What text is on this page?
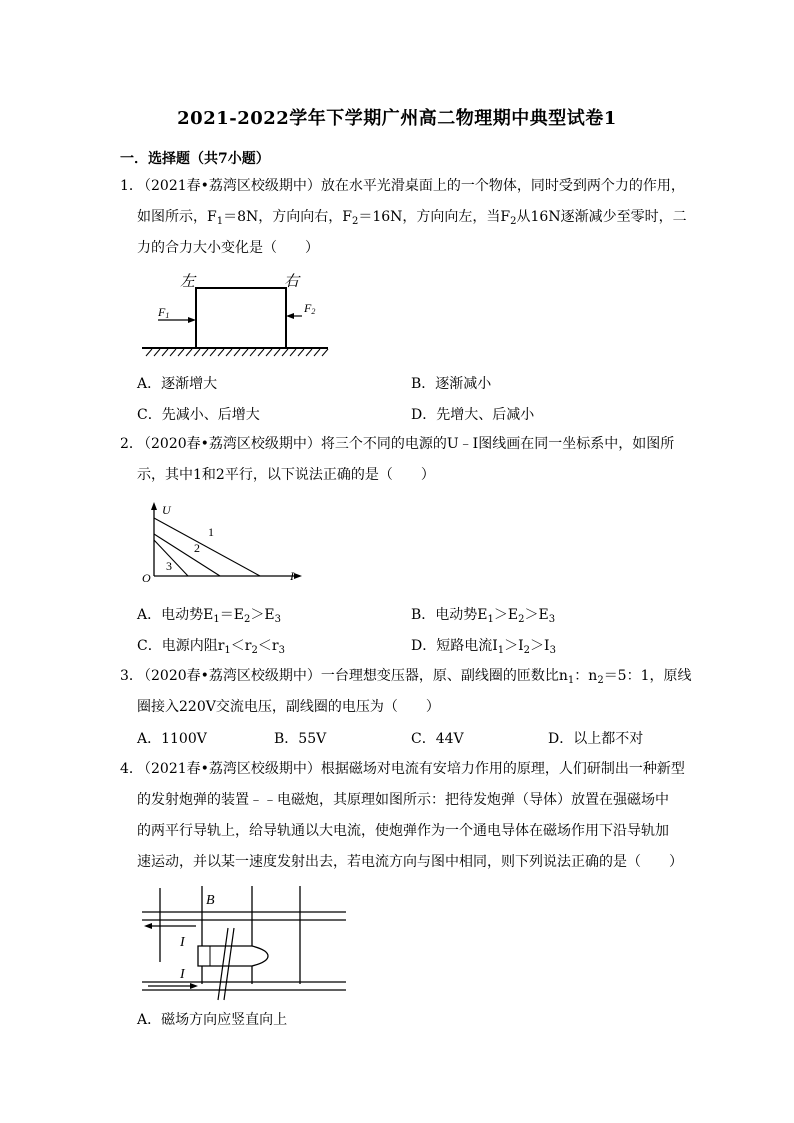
2021-2022学年下学期广州高二物理期中典型试卷1
一．选择题（共7小题）
1．
（2021春•荔湾区校级期中）放在水平光滑桌面上的一个物体，同时受到两个力的作用，
如图所示，$F_1=8N$，方向向右，$F_2=16N$，方向向左，当$F_2$从16N逐渐减少至零时，二
力的合力大小变化是（　　）
左	右
F1
F2
A．逐渐增大	B．逐渐减小
C．先减小、后增大	D．先增大、后减小
2．
（2020春•荔湾区校级期中）将三个不同的电源的U﹣I图线画在同一坐标系中，如图所
示，其中1和2平行，以下说法正确的是（　　）
U
I
O
1
2
3
A．电动势$E_1=E_2>E_3$	B．电动势$E_1>E_2>E_3$
C．电源内阻$r_1<r_2<r_3$	D．短路电流$I_1>I_2>I_3$
3．
（2020春•荔湾区校级期中）一台理想变压器，原、副线圈的匝数比$n_1$：$n_2=5$：1，原线
圈接入220V交流电压，副线圈的电压为（　　）
A．1100V	B．55V	C．44V	D．以上都不对
4．
（2021春•荔湾区校级期中）根据磁场对电流有安培力作用的原理，人们研制出一种新型
的发射炮弹的装置﹣﹣电磁炮，其原理如图所示：把待发炮弹（导体）放置在强磁场中
的两平行导轨上，给导轨通以大电流，使炮弹作为一个通电导体在磁场作用下沿导轨加
速运动，并以某一速度发射出去，若电流方向与图中相同，则下列说法正确的是（　　）
B
I
I
A．磁场方向应竖直向上
